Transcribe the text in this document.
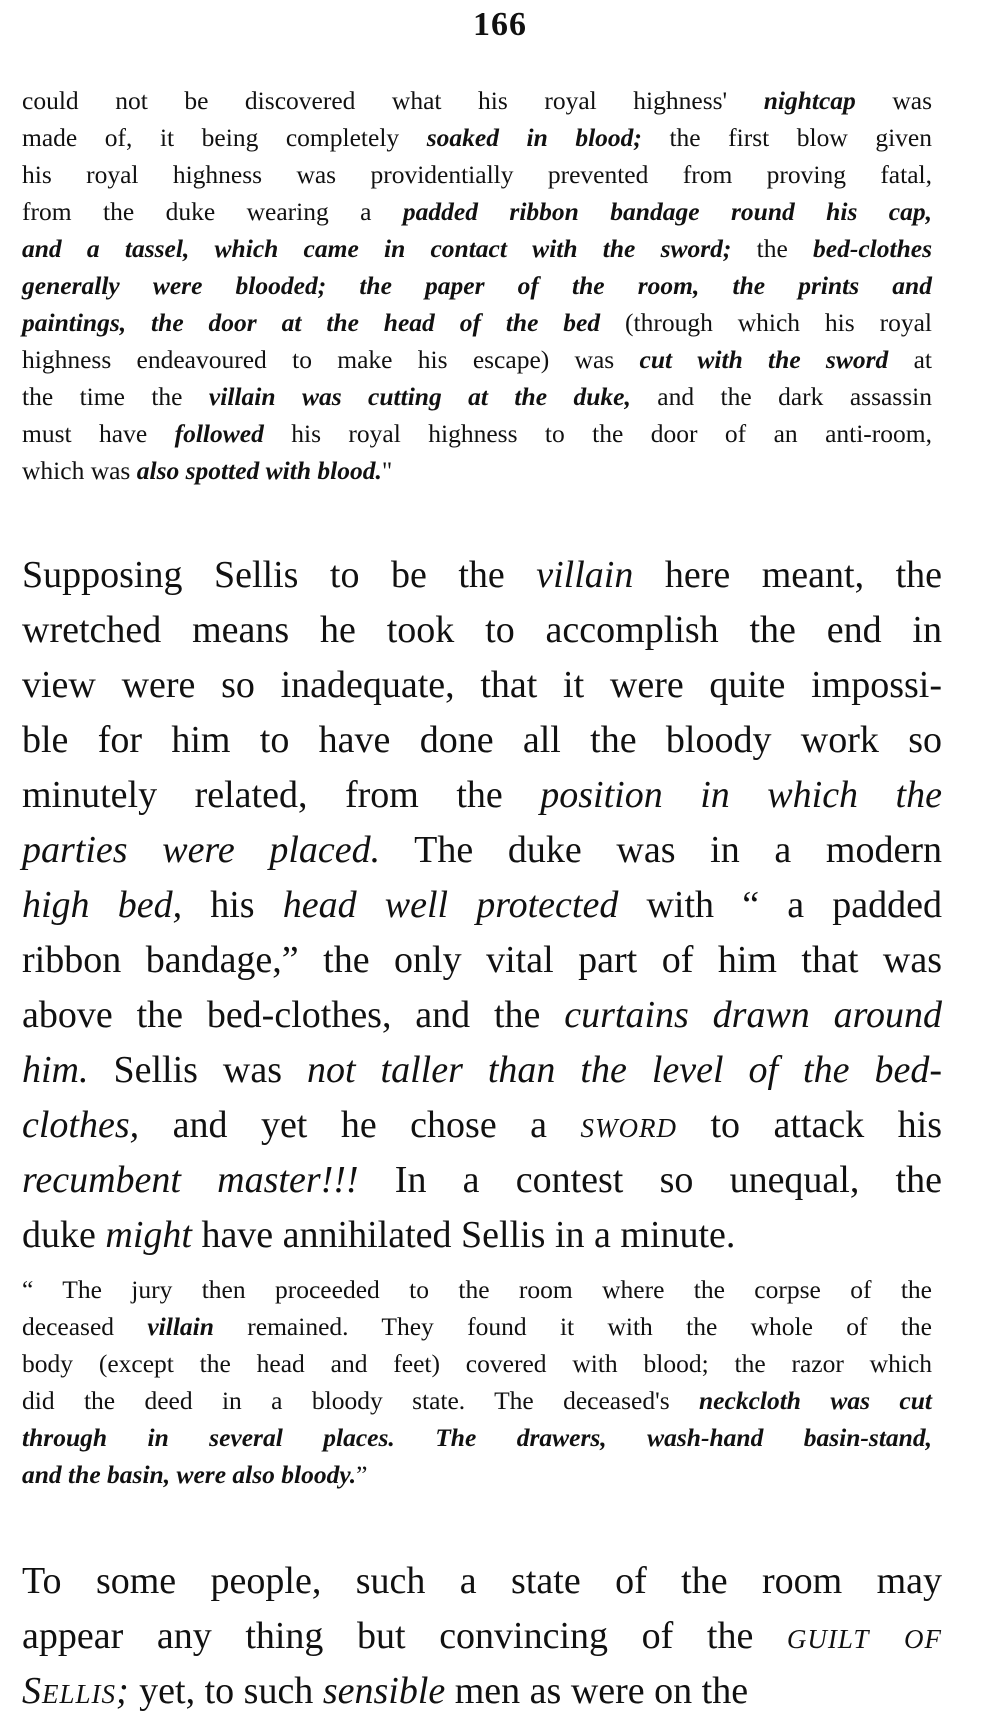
166
could not be discovered what his royal highness' nightcap was
made of, it being completely soaked in blood; the first blow given
his royal highness was providentially prevented from proving fatal,
from the duke wearing a padded ribbon bandage round his cap,
and a tassel, which came in contact with the sword; the bed-clothes
generally were blooded; the paper of the room, the prints and
paintings, the door at the head of the bed (through which his royal
highness endeavoured to make his escape) was cut with the sword at
the time the villain was cutting at the duke, and the dark assassin
must have followed his royal highness to the door of an anti-room,
which was also spotted with blood."
Supposing Sellis to be the villain here meant, the
wretched means he took to accomplish the end in
view were so inadequate, that it were quite impossi-
ble for him to have done all the bloody work so
minutely related, from the position in which the
parties were placed. The duke was in a modern
high bed, his head well protected with “ a padded
ribbon bandage,” the only vital part of him that was
above the bed-clothes, and the curtains drawn around
him. Sellis was not taller than the level of the bed-
clothes, and yet he chose a sword to attack his
recumbent master!!! In a contest so unequal, the
duke might have annihilated Sellis in a minute.
“ The jury then proceeded to the room where the corpse of the
deceased villain remained. They found it with the whole of the
body (except the head and feet) covered with blood; the razor which
did the deed in a bloody state. The deceased's neckcloth was cut
through in several places. The drawers, wash-hand basin-stand,
and the basin, were also bloody.”
To some people, such a state of the room may
appear any thing but convincing of the guilt of
Sellis; yet, to such sensible men as were on the
